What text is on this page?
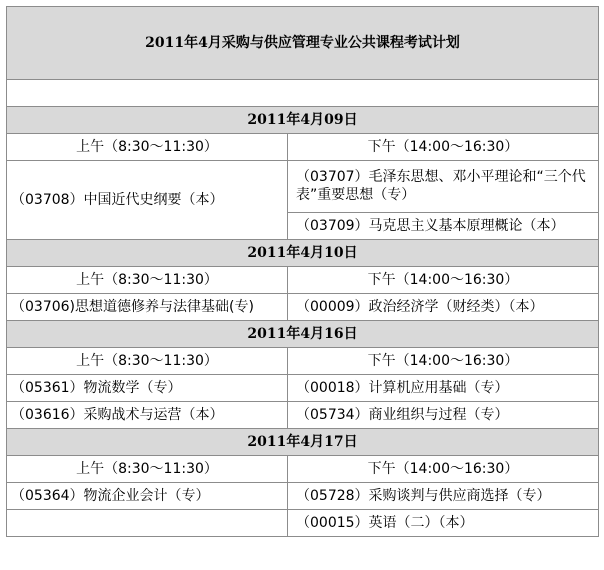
2011年4月采购与供应管理专业公共课程考试计划	

2011年4月09日	
上午（8:30～11:30）	下午（14:00～16:30）
（03708）中国近代史纲要（本）	（03707）毛泽东思想、邓小平理论和“三个代表”重要思想（专）
	（03709）马克思主义基本原理概论（本）
2011年4月10日	
上午（8:30～11:30）	下午（14:00～16:30）
（03706)思想道德修养与法律基础(专)	（00009）政治经济学（财经类）（本）
2011年4月16日	
上午（8:30～11:30）	下午（14:00～16:30）
（05361）物流数学（专）	（00018）计算机应用基础（专）
（03616）采购战术与运营（本）	（05734）商业组织与过程（专）
2011年4月17日	
上午（8:30～11:30）	下午（14:00～16:30）
（05364）物流企业会计（专）	（05728）采购谈判与供应商选择（专）
	（00015）英语（二）（本）
